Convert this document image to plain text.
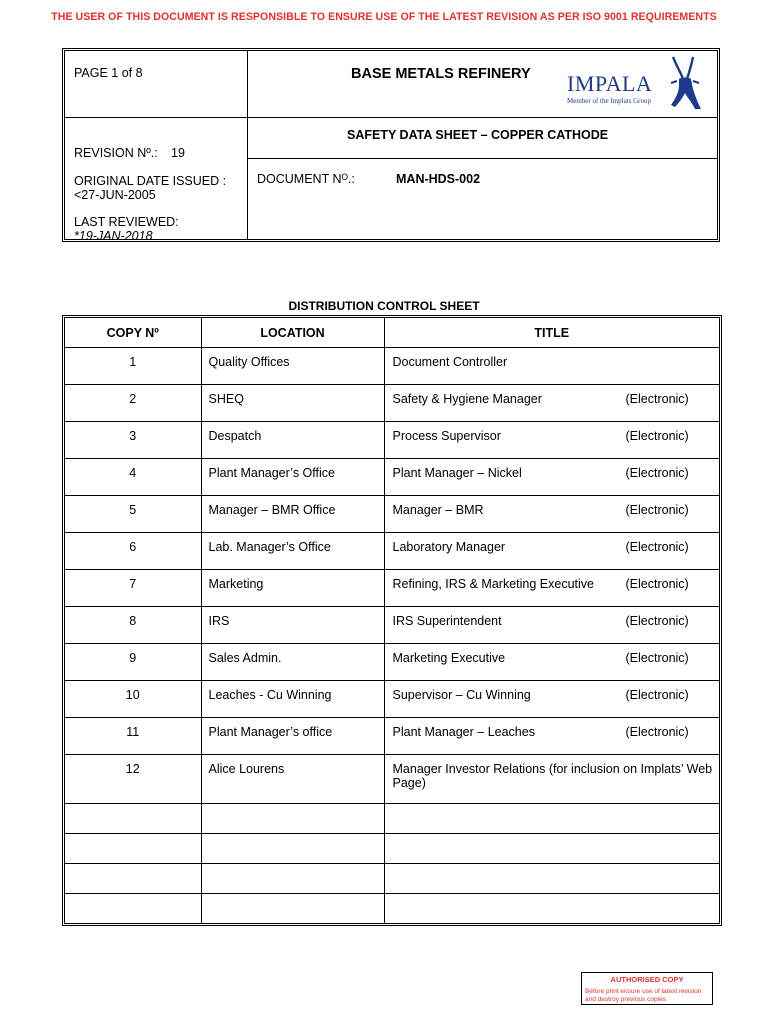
THE USER OF THIS DOCUMENT IS RESPONSIBLE TO ENSURE USE OF THE LATEST REVISION AS PER ISO 9001 REQUIREMENTS
PAGE 1 of 8	BASE METALS REFINERY IMPALA
Member of the Implats Group
SAFETY DATA SHEET – COPPER CATHODE
REVISION Nº.: 19
ORIGINAL DATE ISSUED :
<27-JUN-2005
DOCUMENT Nᴼ.:	MAN-HDS-002
LAST REVIEWED:
*19-JAN-2018
DISTRIBUTION CONTROL SHEET
COPY Nº	LOCATION	TITLE
1	Quality Offices	Document Controller
2	SHEQ	Safety & Hygiene Manager (Electronic)

3	Despatch	Process Supervisor (Electronic)

4	Plant Manager’s Office	Plant Manager – Nickel (Electronic)

5	Manager – BMR Office	Manager – BMR (Electronic)

6	Lab. Manager’s Office	Laboratory Manager (Electronic)

7	Marketing	Refining, IRS & Marketing Executive (Electronic)

8	IRS	IRS Superintendent (Electronic)

9	Sales Admin.	Marketing Executive (Electronic)

10	Leaches - Cu Winning	Supervisor – Cu Winning (Electronic)

11	Plant Manager’s office	Plant Manager – Leaches (Electronic)

12	Alice Lourens	Manager Investor Relations (for inclusion on Implats’ Web Page)

AUTHORISED COPY
Before print ensure use of latest revision and destroy previous copies
